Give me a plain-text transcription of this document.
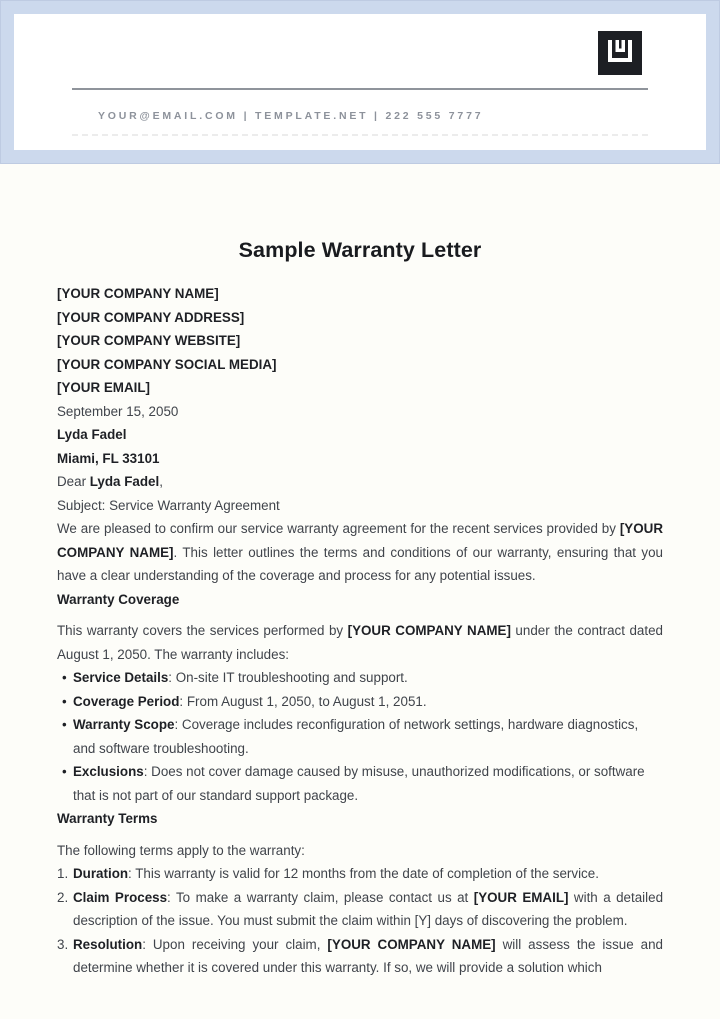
YOUR@EMAIL.COM | TEMPLATE.NET | 222 555 7777
Sample Warranty Letter
[YOUR COMPANY NAME]
[YOUR COMPANY ADDRESS]
[YOUR COMPANY WEBSITE]
[YOUR COMPANY SOCIAL MEDIA]
[YOUR EMAIL]
September 15, 2050
Lyda Fadel
Miami, FL 33101
Dear Lyda Fadel,
Subject: Service Warranty Agreement

We are pleased to confirm our service warranty agreement for the recent services provided by [YOUR COMPANY NAME]. This letter outlines the terms and conditions of our warranty, ensuring that you have a clear understanding of the coverage and process for any potential issues.

Warranty Coverage

This warranty covers the services performed by [YOUR COMPANY NAME] under the contract dated August 1, 2050. The warranty includes:

• Service Details: On-site IT troubleshooting and support.
• Coverage Period: From August 1, 2050, to August 1, 2051.
• Warranty Scope: Coverage includes reconfiguration of network settings, hardware diagnostics, and software troubleshooting.
• Exclusions: Does not cover damage caused by misuse, unauthorized modifications, or software that is not part of our standard support package.
Warranty Terms

The following terms apply to the warranty:

Duration: This warranty is valid for 12 months from the date of completion of the service.
Claim Process: To make a warranty claim, please contact us at [YOUR EMAIL] with a detailed description of the issue. You must submit the claim within [Y] days of discovering the problem.
Resolution: Upon receiving your claim, [YOUR COMPANY NAME] will assess the issue and determine whether it is covered under this warranty. If so, we will provide a solution which
